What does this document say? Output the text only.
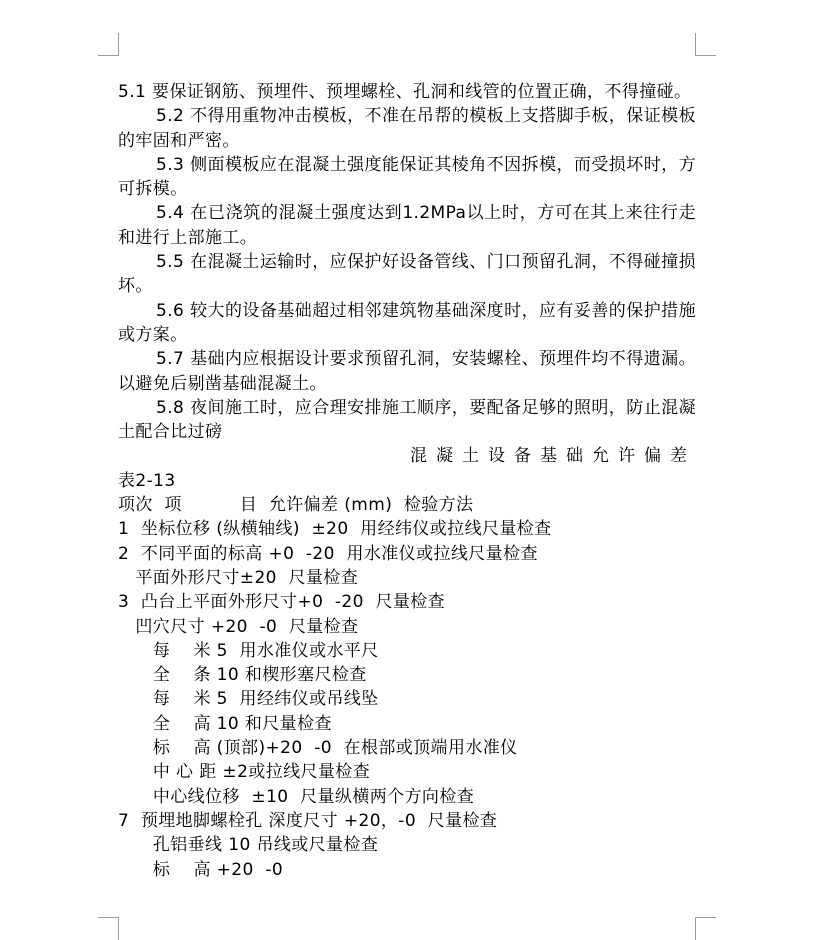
5.1 要保证钢筋、预埋件、预埋螺栓、孔洞和线管的位置正确，不得撞碰。

5.2 不得用重物冲击模板，不准在吊帮的模板上支搭脚手板，保证模板的牢固和严密。

5.3 侧面模板应在混凝土强度能保证其棱角不因拆模，而受损坏时，方可拆模。

5.4 在已浇筑的混凝土强度达到1.2MPa以上时，方可在其上来往行走和进行上部施工。

5.5 在混凝土运输时，应保护好设备管线、门口预留孔洞，不得碰撞损坏。

5.6 较大的设备基础超过相邻建筑物基础深度时，应有妥善的保护措施或方案。

5.7 基础内应根据设计要求预留孔洞，安装螺栓、预埋件均不得遗漏。以避免后剔凿基础混凝土。

5.8 夜间施工时，应合理安排施工顺序，要配备足够的照明，防止混凝土配合比过磅

混凝土设备基础允许偏差

表2-13

项次  项          目  允许偏差 (mm)  检验方法

1  坐标位移 (纵横轴线)  ±20  用经纬仪或拉线尺量检查

2  不同平面的标高 +0  -20  用水准仪或拉线尺量检查

平面外形尺寸±20  尺量检查

3  凸台上平面外形尺寸+0  -20  尺量检查

凹穴尺寸 +20  -0  尺量检查

每    米 5  用水准仪或水平尺

全    条 10 和楔形塞尺检查

每    米 5  用经纬仪或吊线坠

全    高 10 和尺量检查

标    高 (顶部)+20  -0  在根部或顶端用水准仪

中 心 距 ±2或拉线尺量检查

中心线位移  ±10  尺量纵横两个方向检查

7  预埋地脚螺栓孔 深度尺寸 +20，-0  尺量检查

孔铝垂线 10 吊线或尺量检查

标    高 +20  -0
